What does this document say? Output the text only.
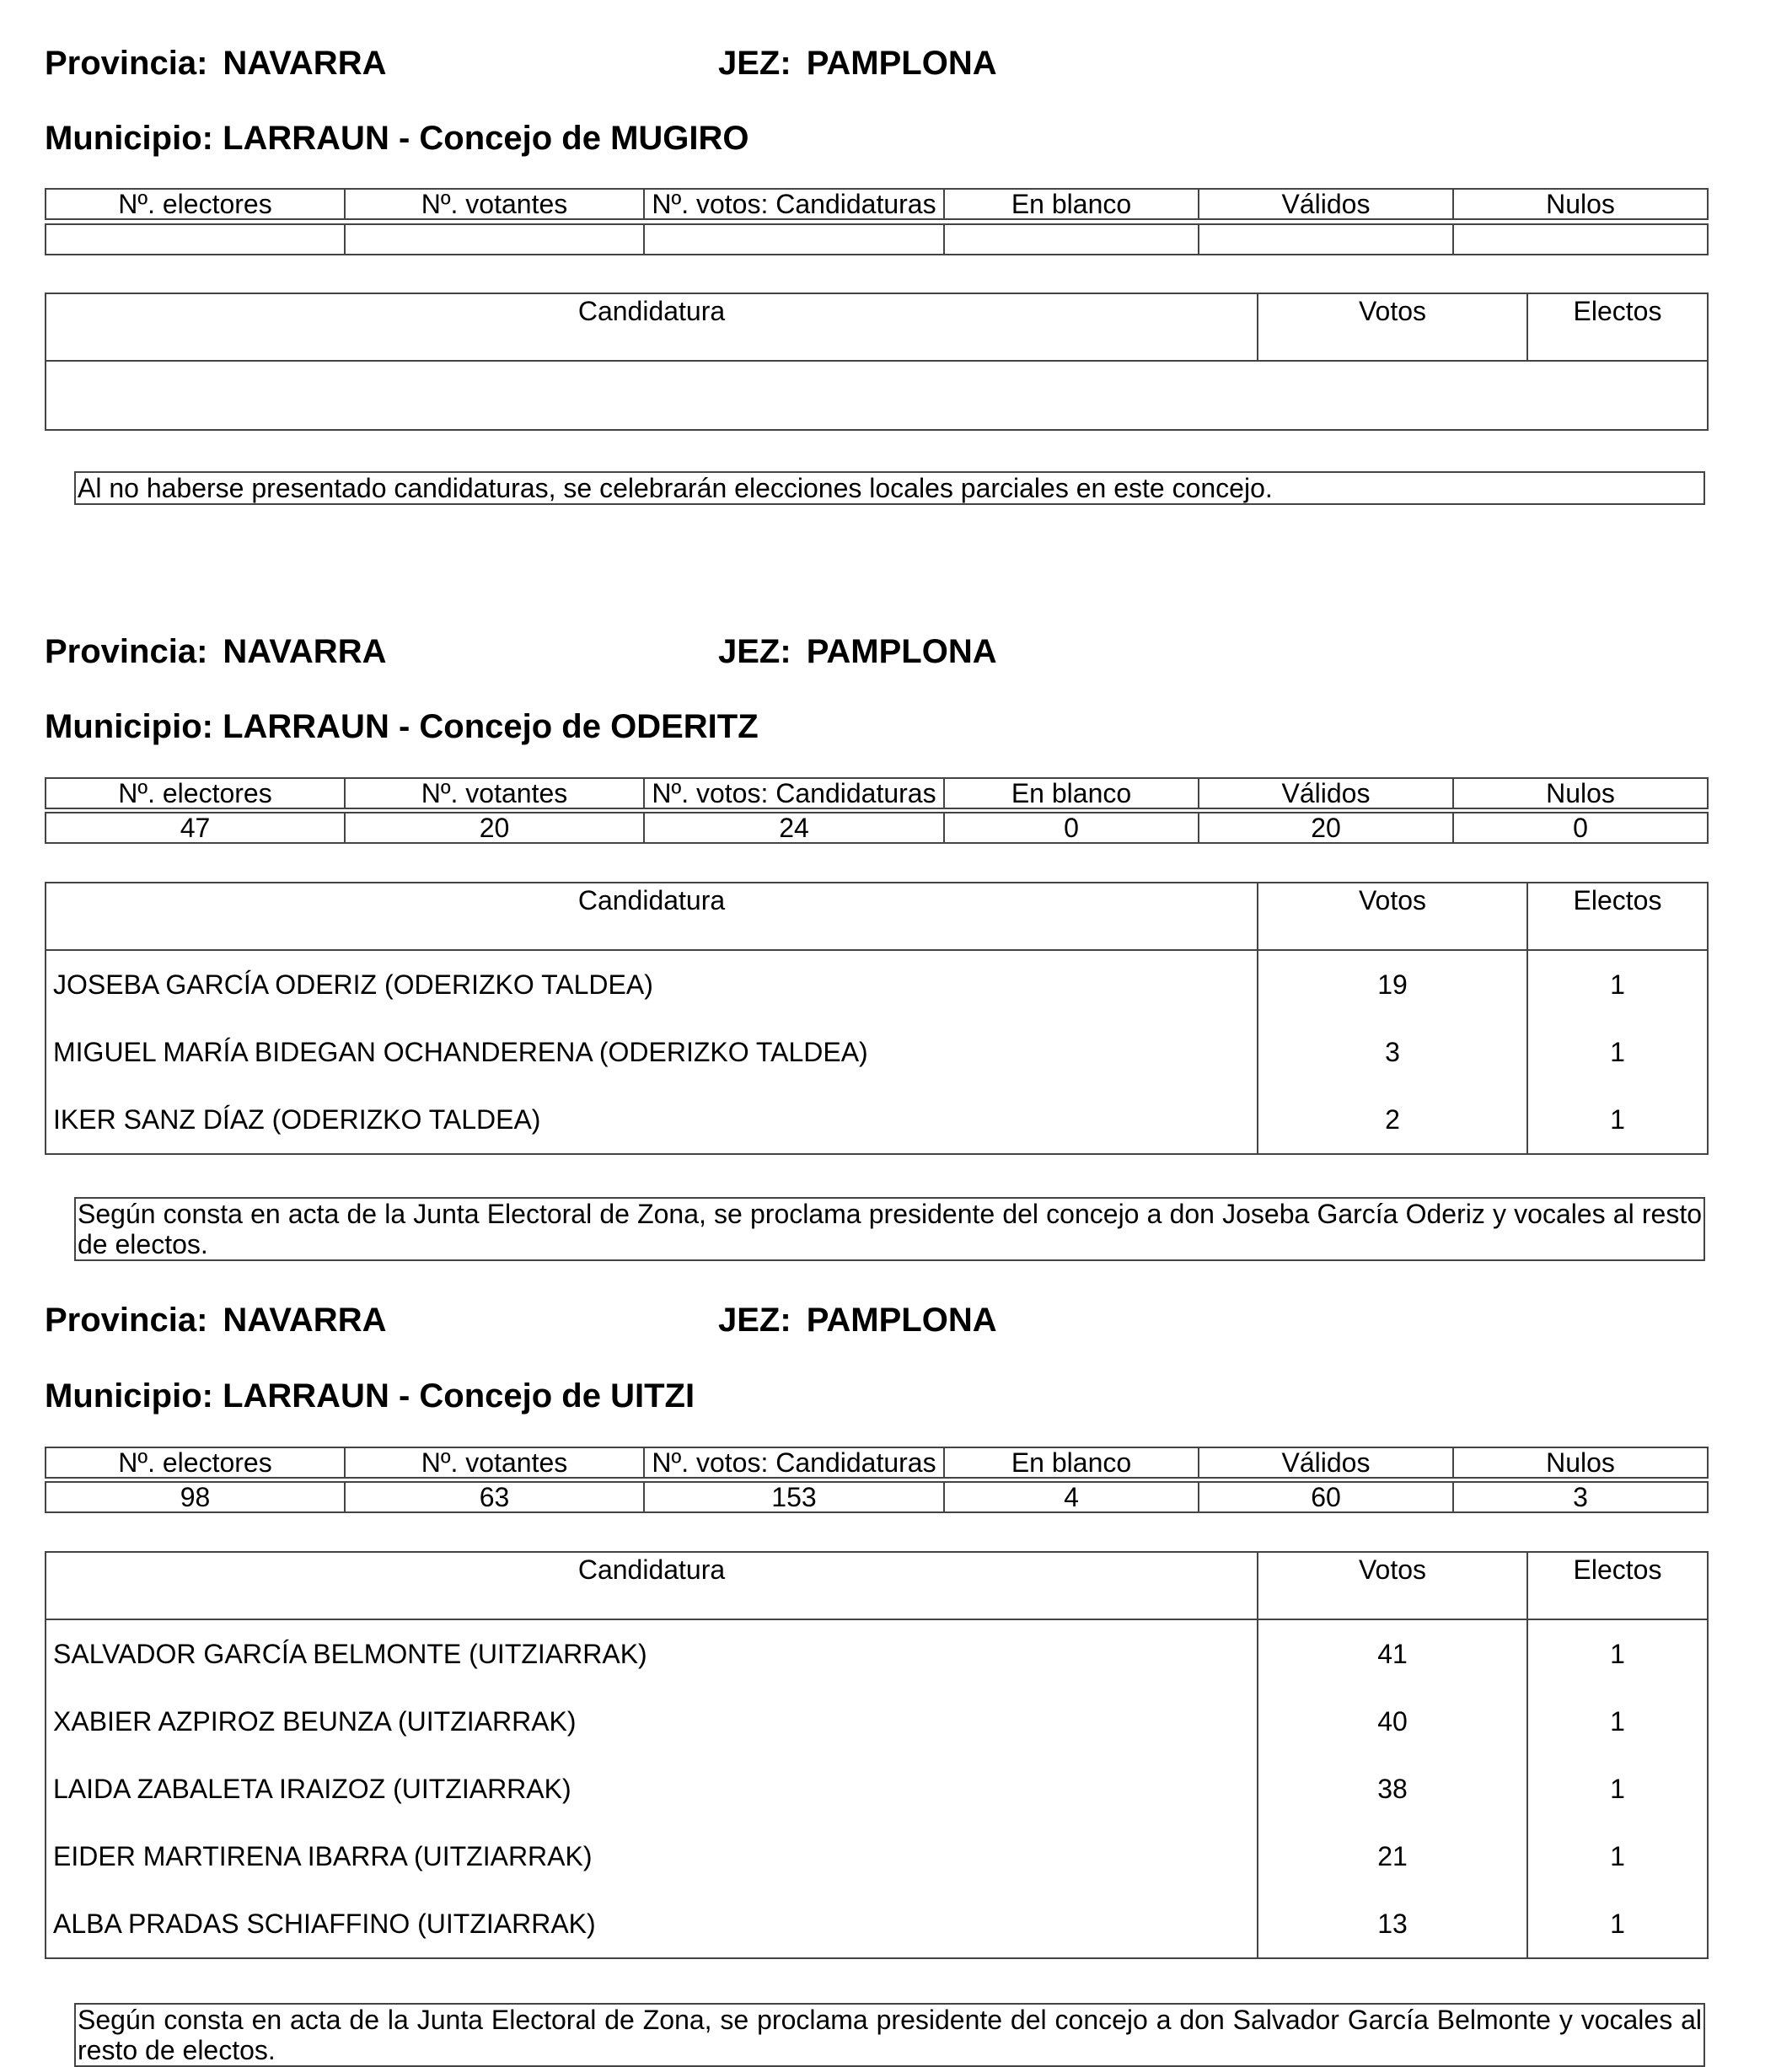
Provincia: NAVARRA	JEZ: PAMPLONA
Municipio: LARRAUN - Concejo de MUGIRO
Nº. electores	Nº. votantes	Nº. votos: Candidaturas	En blanco	Válidos	Nulos

Candidatura	Votos	Electos

Al no haberse presentado candidaturas, se celebrarán elecciones locales parciales en este concejo.
Provincia: NAVARRA	JEZ: PAMPLONA
Municipio: LARRAUN - Concejo de ODERITZ
Nº. electores	Nº. votantes	Nº. votos: Candidaturas	En blanco	Válidos	Nulos
47	20	24	0	20	0
Candidatura	Votos	Electos
JOSEBA GARCÍA ODERIZ (ODERIZKO TALDEA)	19	1
MIGUEL MARÍA BIDEGAN OCHANDERENA (ODERIZKO TALDEA)	3	1
IKER SANZ DÍAZ (ODERIZKO TALDEA)	2	1
Según consta en acta de la Junta Electoral de Zona, se proclama presidente del concejo a don Joseba García Oderiz y vocales al resto de electos.
Provincia: NAVARRA	JEZ: PAMPLONA
Municipio: LARRAUN - Concejo de UITZI
Nº. electores	Nº. votantes	Nº. votos: Candidaturas	En blanco	Válidos	Nulos
98	63	153	4	60	3
Candidatura	Votos	Electos
SALVADOR GARCÍA BELMONTE (UITZIARRAK)	41	1
XABIER AZPIROZ BEUNZA (UITZIARRAK)	40	1
LAIDA ZABALETA IRAIZOZ (UITZIARRAK)	38	1
EIDER MARTIRENA IBARRA (UITZIARRAK)	21	1
ALBA PRADAS SCHIAFFINO (UITZIARRAK)	13	1
Según consta en acta de la Junta Electoral de Zona, se proclama presidente del concejo a don Salvador García Belmonte y vocales al resto de electos.
